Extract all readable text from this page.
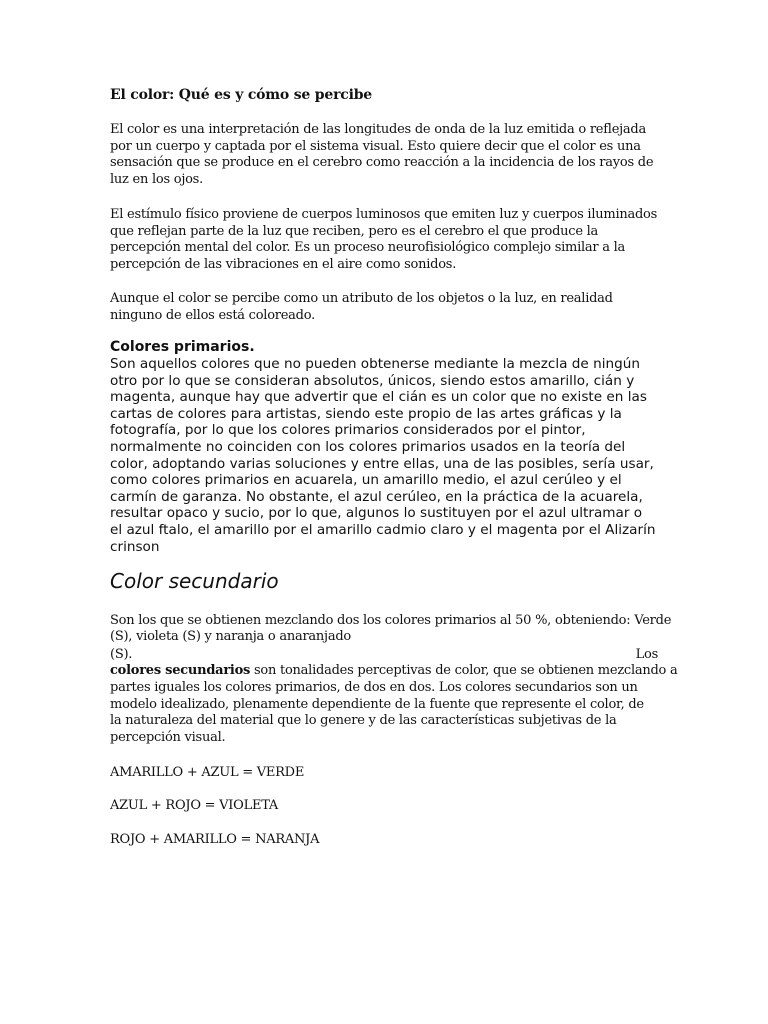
El color: Qué es y cómo se percibe

El color es una interpretación de las longitudes de onda de la luz emitida o reflejada por un cuerpo y captada por el sistema visual. Esto quiere decir que el color es una sensación que se produce en el cerebro como reacción a la incidencia de los rayos de luz en los ojos.

El estímulo físico proviene de cuerpos luminosos que emiten luz y cuerpos iluminados que reflejan parte de la luz que reciben, pero es el cerebro el que produce la percepción mental del color. Es un proceso neurofisiológico complejo similar a la percepción de las vibraciones en el aire como sonidos.

Aunque el color se percibe como un atributo de los objetos o la luz, en realidad ninguno de ellos está coloreado.

Colores primarios.

Son aquellos colores que no pueden obtenerse mediante la mezcla de ningún otro por lo que se consideran absolutos, únicos, siendo estos amarillo, cián y magenta, aunque hay que advertir que el cián es un color que no existe en las cartas de colores para artistas, siendo este propio de las artes gráficas y la fotografía, por lo que los colores primarios considerados por el pintor, normalmente no coinciden con los colores primarios usados en la teoría del color, adoptando varias soluciones y entre ellas, una de las posibles, sería usar, como colores primarios en acuarela, un amarillo medio, el azul cerúleo y el carmín de garanza. No obstante, el azul cerúleo, en la práctica de la acuarela, resultar opaco y sucio, por lo que, algunos lo sustituyen por el azul ultramar o el azul ftalo, el amarillo por el amarillo cadmio claro y el magenta por el Alizarín crinson

Color secundario

Son los que se obtienen mezclando dos los colores primarios al 50 %, obteniendo: Verde

(S), violeta (S) y naranja o anaranjado

(S).	Los

colores secundarios son tonalidades perceptivas de color, que se obtienen mezclando a

partes iguales los colores primarios, de dos en dos. Los colores secundarios son un modelo idealizado, plenamente dependiente de la fuente que represente el color, de la naturaleza del material que lo genere y de las características subjetivas de la percepción visual.

AMARILLO + AZUL = VERDE

AZUL + ROJO = VIOLETA

ROJO + AMARILLO = NARANJA
